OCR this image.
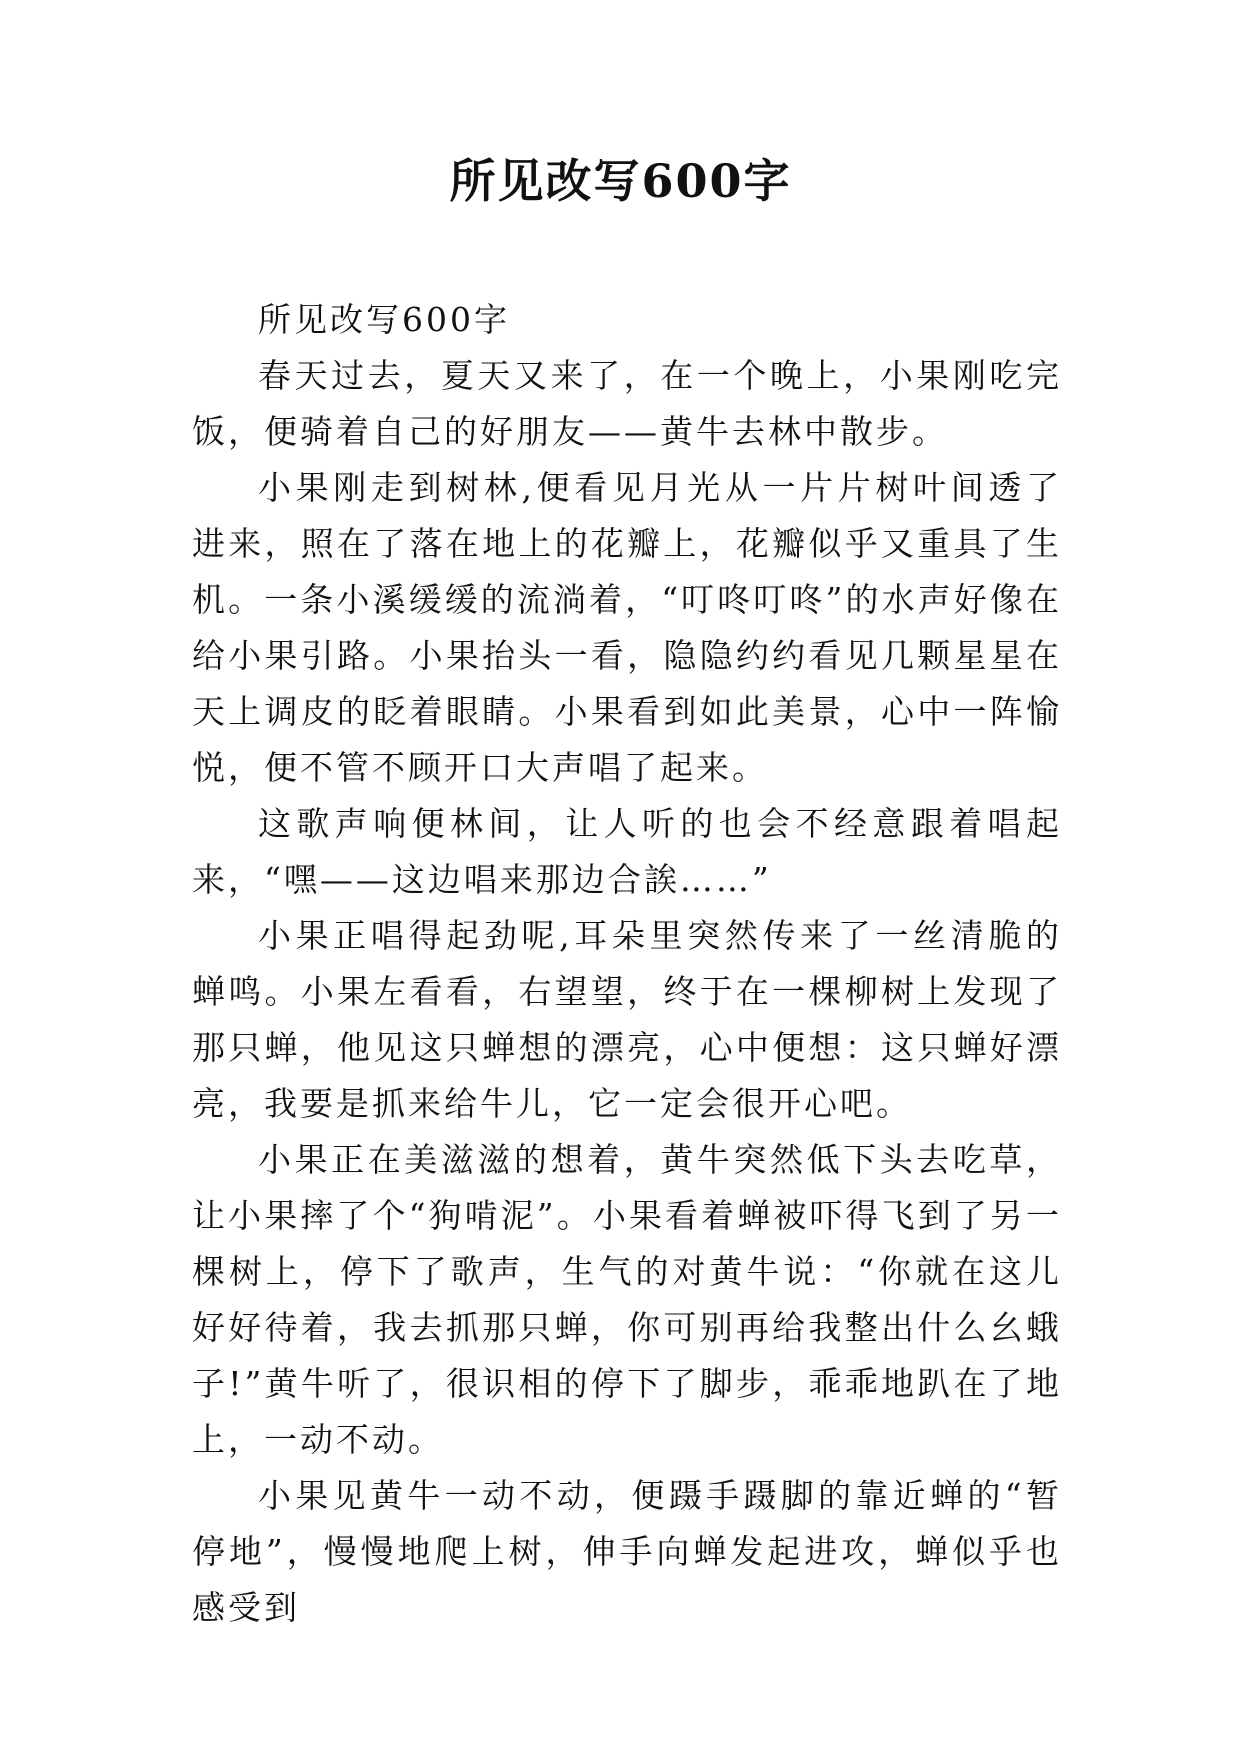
所见改写600字

所见改写600字

春天过去，夏天又来了，在一个晚上，小果刚吃完饭，便骑着自己的好朋友——黄牛去林中散步。

小果刚走到树林,便看见月光从一片片树叶间透了进来，照在了落在地上的花瓣上，花瓣似乎又重具了生机。一条小溪缓缓的流淌着，“叮咚叮咚”的水声好像在给小果引路。小果抬头一看，隐隐约约看见几颗星星在天上调皮的眨着眼睛。小果看到如此美景，心中一阵愉悦，便不管不顾开口大声唱了起来。

这歌声响便林间，让人听的也会不经意跟着唱起来，“嘿——这边唱来那边合誒……”

小果正唱得起劲呢,耳朵里突然传来了一丝清脆的蝉鸣。小果左看看，右望望，终于在一棵柳树上发现了那只蝉，他见这只蝉想的漂亮，心中便想：这只蝉好漂亮，我要是抓来给牛儿，它一定会很开心吧。

小果正在美滋滋的想着，黄牛突然低下头去吃草，让小果摔了个“狗啃泥”。小果看着蝉被吓得飞到了另一棵树上，停下了歌声，生气的对黄牛说：“你就在这儿好好待着，我去抓那只蝉，你可别再给我整出什么幺蛾子!”黄牛听了，很识相的停下了脚步，乖乖地趴在了地上，一动不动。

小果见黄牛一动不动，便蹑手蹑脚的靠近蝉的“暂停地”，慢慢地爬上树，伸手向蝉发起进攻，蝉似乎也感受到
